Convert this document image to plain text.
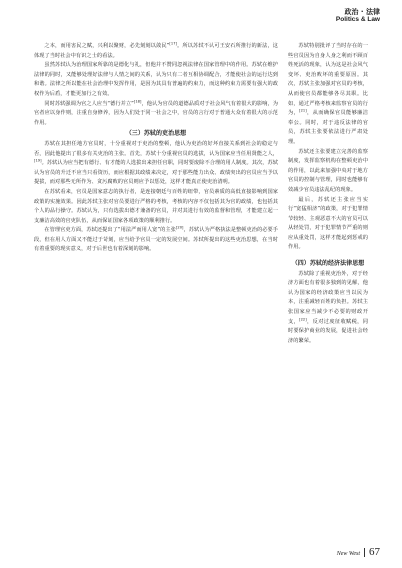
政治 · 法律
Politics & Law

之本，而用害民之赋，兴利以聚财，必先刻刻以敛民”[17]。所以苏轼不认可王安石所推行的新法，这体现了当时社会中有识之士的看法。

虽然苏轼认为治理国家所靠的是德化与礼，但他并不赞同忽视法律在国家管理中的作用。苏轼在维护法律的同时，又能够处理好法律与人情之间的关系，认为只有二者互相协调配合，才能使社会的运行达到和谐。法律之所以能在社会治理中发挥作用，是因为其具有普遍的约束力，而这种约束力需要有强大的政权作为后盾，才能更加行之有效。

同时苏轼强调为官之人应当“德行并立”[18]，他认为官员的道德品质对于社会风气有着很大的影响，为官者应以身作则，注重自身修养，因为人们处于同一社会之中，官员的言行对于普通大众有着很大的示范作用。

（三）苏轼的吏治思想

苏轼在其担任地方官员时，十分重视对于吏治的整顿，他认为吏治的好坏直接关系到社会的稳定与否，因此他提出了很多有关吏治的主张。首先，苏轼十分重视官员的选拔，认为国家应当任用贤能之人，[19]。苏轼认为应当把有德行、有才能的人选拔出来担任官职，同时要废除不合理的用人制度。其次，苏轼认为官员的升迁不应当只看资历，而应根据其政绩来决定，对于那些能力出众、政绩突出的官员应当予以提拔，而对那些无所作为、贪污腐败的官员则应予以惩处，这样才能真正使吏治清明。

在苏轼看来，官员是国家意志的执行者，是连接朝廷与百姓的纽带，官员素质的高低直接影响到国家政策的实施效果。因此苏轼主张对官员要进行严格的考核，考核的内容不仅包括其为官的政绩，也包括其个人的品行操守。苏轼认为，只有选拔出德才兼备的官员，并对其进行有效的监督和管理，才能建立起一支廉洁高效的官吏队伍，从而保证国家各项政策的顺利推行。

在管理官吏方面，苏轼还提出了“用法严而用人宽”的主张[20]，苏轼认为严格执法是整顿吏治的必要手段，但在用人方面又不能过于苛刻，应当给予官员一定的发展空间。苏轼所提出的这些吏治思想，在当时有着重要的现实意义，对于后世也有着深刻的影响。

苏轼特别批评了当时存在的一些官员因为自身人身之利而不顾百姓死活的现象，认为这是社会风气变坏、吏治败坏的重要原因。其次，苏轼主张加强对官员的考核，从而使官员都能够各尽其职。比如，通过严格考核来监察官员的行为，[21]，从而确保官员能够廉洁奉公。同时，对于违反法律的官员，苏轼主张要依法进行严肃处理。

苏轼还主张要建立完善的监察制度，发挥监察机构在整顿吏治中的作用，以此来加强中央对于地方官员的控制与管理，同时也能够有效减少官员违法乱纪的现象。

最后，苏轼还主张应当实行“宽猛相济”的政策，对于犯罪情节较轻、主观恶意不大的官员可以从轻处罚，对于犯罪情节严重的则应从重处罚，这样才能起到惩戒的作用。

（四）苏轼的经济法律思想

苏轼除了重视吏治外，对于经济方面也有着很多独到的见解，他认为国家的经济政策应当以民为本，注重减轻百姓的负担。苏轼主张国家应当减少不必要的财政开支，[22]，反对过度征收赋税，同时要保护商业的发展，促进社会经济的繁荣。

New West 67
